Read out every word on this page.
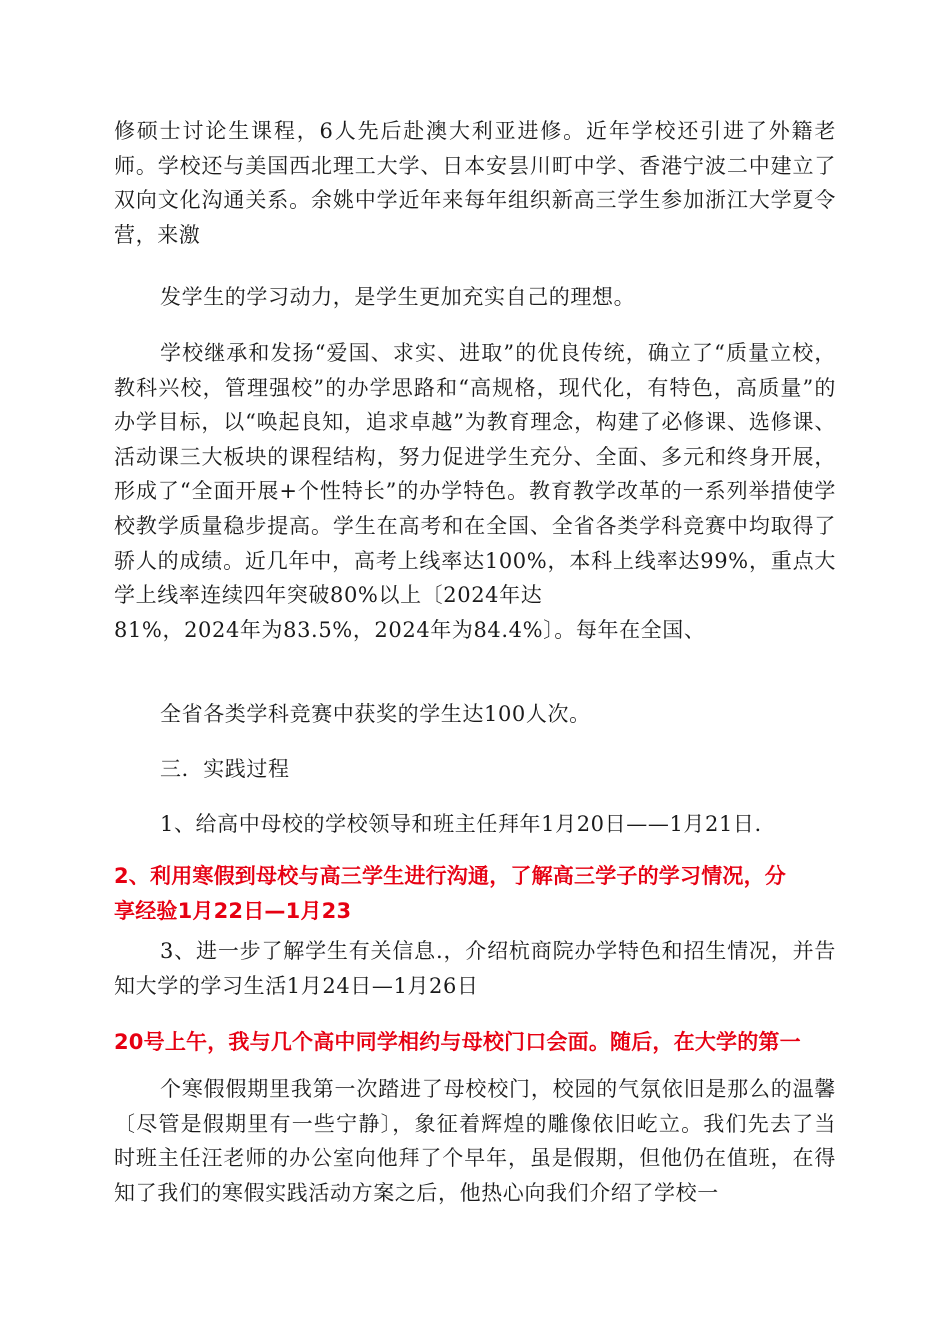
修硕士讨论生课程，6人先后赴澳大利亚进修。近年学校还引进了外籍老师。学校还与美国西北理工大学、日本安昙川町中学、香港宁波二中建立了双向文化沟通关系。余姚中学近年来每年组织新高三学生参加浙江大学夏令营，来激

发学生的学习动力，是学生更加充实自己的理想。

学校继承和发扬“爱国、求实、进取”的优良传统，确立了“质量立校，教科兴校，管理强校”的办学思路和“高规格，现代化，有特色，高质量”的办学目标，以“唤起良知，追求卓越”为教育理念，构建了必修课、选修课、活动课三大板块的课程结构，努力促进学生充分、全面、多元和终身开展，形成了“全面开展+个性特长”的办学特色。教育教学改革的一系列举措使学校教学质量稳步提高。学生在高考和在全国、全省各类学科竞赛中均取得了骄人的成绩。近几年中，高考上线率达100%，本科上线率达99%，重点大学上线率连续四年突破80%以上〔2024年达
81%，2024年为83.5%，2024年为84.4%〕。每年在全国、

全省各类学科竞赛中获奖的学生达100人次。

三．实践过程

1、给高中母校的学校领导和班主任拜年1月20日——1月21日.

2、利用寒假到母校与高三学生进行沟通，了解高三学子的学习情况，分
享经验1月22日—1月23

3、进一步了解学生有关信息.，介绍杭商院办学特色和招生情况，并告知大学的学习生活1月24日—1月26日

20号上午，我与几个高中同学相约与母校门口会面。随后，在大学的第一

个寒假假期里我第一次踏进了母校校门，校园的气氛依旧是那么的温馨〔尽管是假期里有一些宁静〕，象征着辉煌的雕像依旧屹立。我们先去了当时班主任汪老师的办公室向他拜了个早年，虽是假期，但他仍在值班，在得知了我们的寒假实践活动方案之后，他热心向我们介绍了学校一
